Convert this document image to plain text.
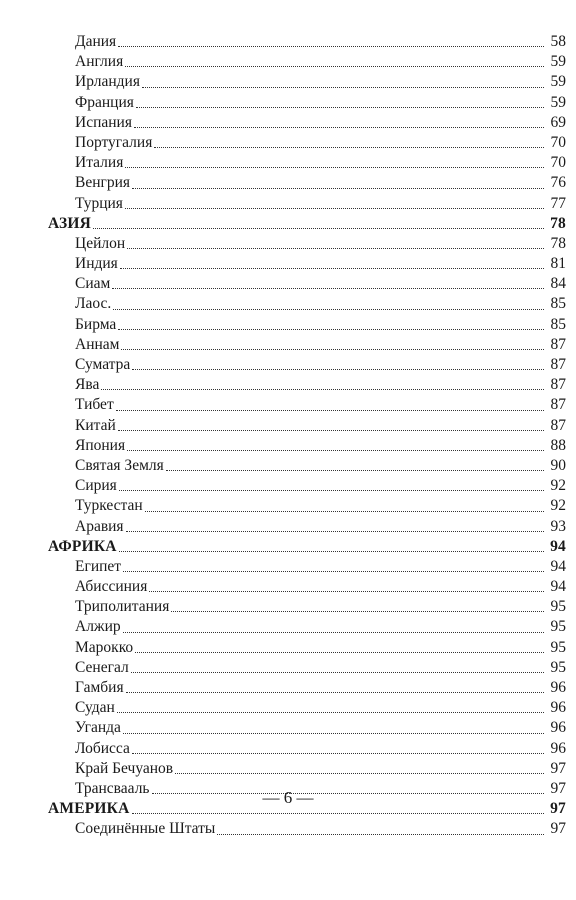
Дания	58
Англия	59
Ирландия	59
Франция	59
Испания	69
Португалия	70
Италия	70
Венгрия	76
Турция	77
АЗИЯ	78
Цейлон	78
Индия	81
Сиам	84
Лаос.	85
Бирма	85
Аннам	87
Суматра	87
Ява	87
Тибет	87
Китай	87
Япония	88
Святая Земля	90
Сирия	92
Туркестан	92
Аравия	93
АФРИКА	94
Египет	94
Абиссиния	94
Триполитания	95
Алжир	95
Марокко	95
Сенегал	95
Гамбия	96
Судан	96
Уганда	96
Лобисса	96
Край Бечуанов	97
Трансвааль	97
АМЕРИКА	97
Соединённые Штаты	97
— 6 —
